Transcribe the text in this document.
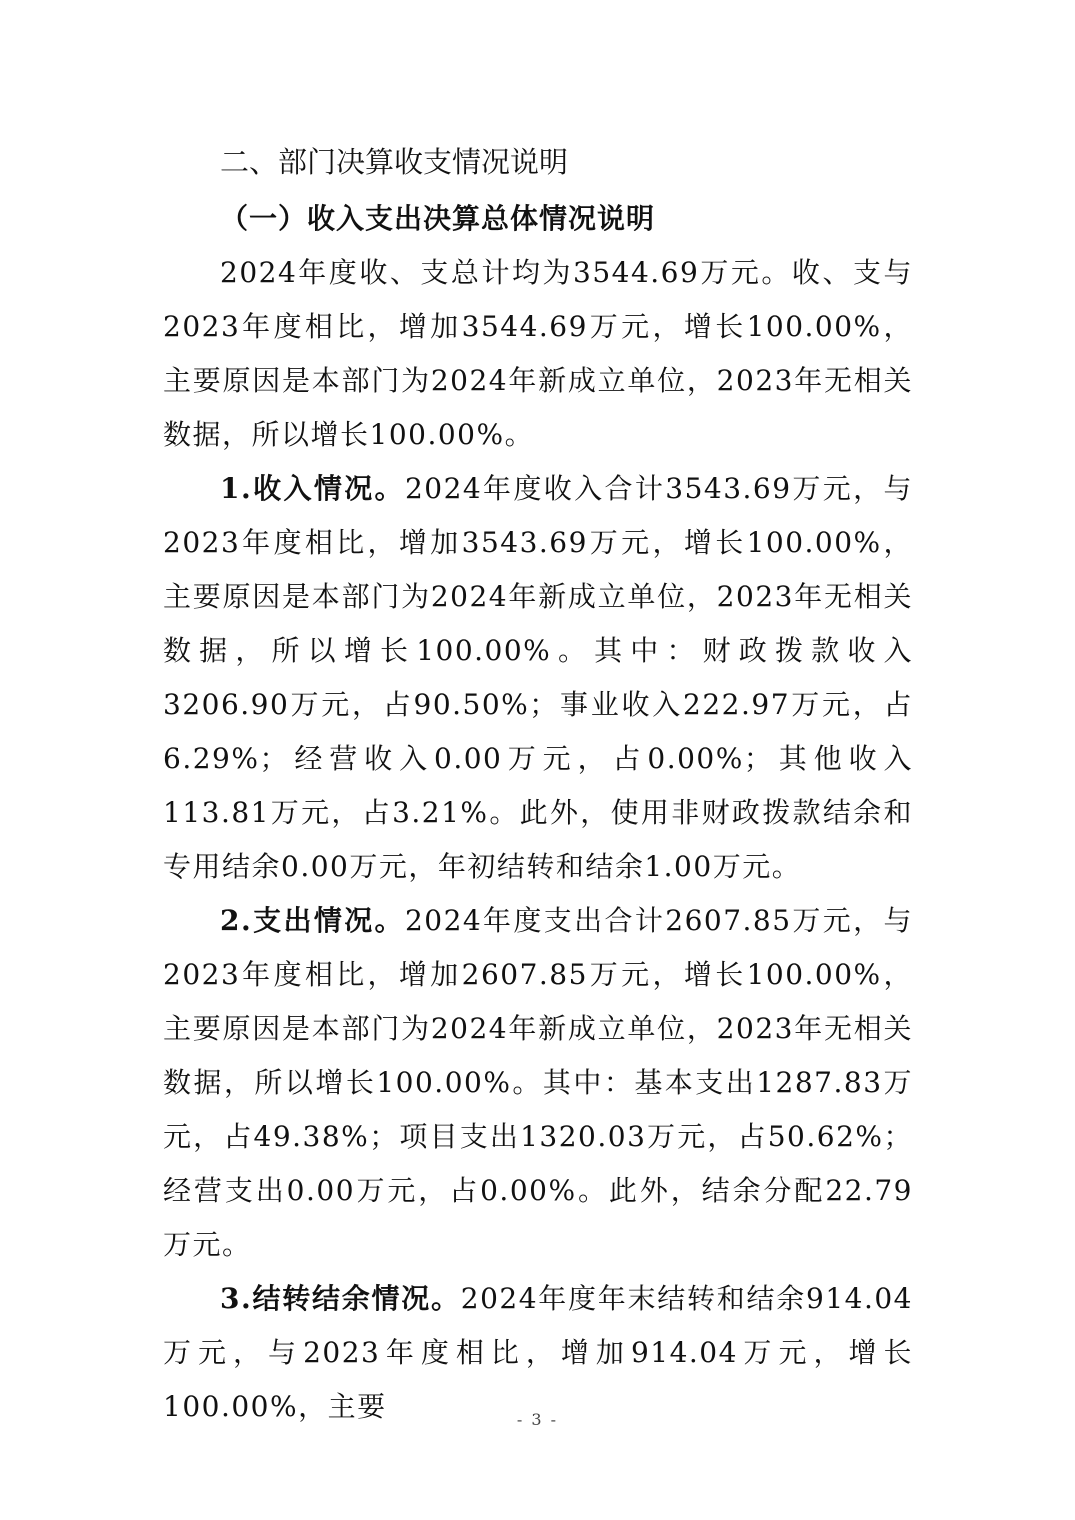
二、部门决算收支情况说明
（一）收入支出决算总体情况说明

2024年度收、支总计均为3544.69万元。收、支与2023年度相比，增加3544.69万元，增长100.00%，主要原因是本部门为2024年新成立单位，2023年无相关数据，所以增长100.00%。

1.收入情况。2024年度收入合计3543.69万元，与2023年度相比，增加3543.69万元，增长100.00%，主要原因是本部门为2024年新成立单位，2023年无相关数据，所以增长100.00%。其中：财政拨款收入3206.90万元，占90.50%；事业收入222.97万元，占6.29%；经营收入0.00万元，占0.00%；其他收入113.81万元，占3.21%。此外，使用非财政拨款结余和专用结余0.00万元，年初结转和结余1.00万元。

2.支出情况。2024年度支出合计2607.85万元，与2023年度相比，增加2607.85万元，增长100.00%，主要原因是本部门为2024年新成立单位，2023年无相关数据，所以增长100.00%。其中：基本支出1287.83万元，占49.38%；项目支出1320.03万元，占50.62%；经营支出0.00万元，占0.00%。此外，结余分配22.79万元。

3.结转结余情况。2024年度年末结转和结余914.04万元，与2023年度相比，增加914.04万元，增长100.00%，主要	- 3 -
